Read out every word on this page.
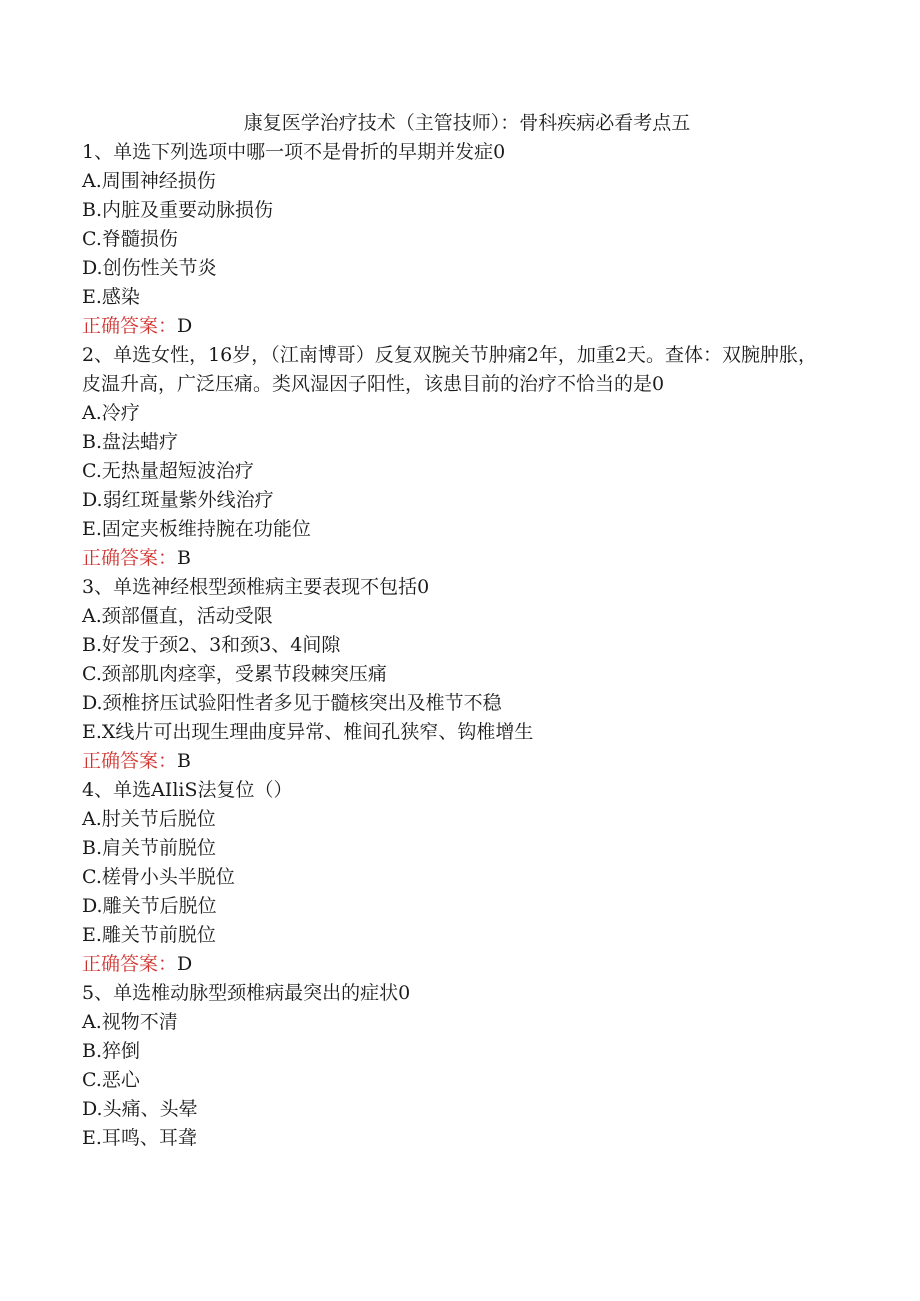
康复医学治疗技术（主管技师）：骨科疾病必看考点五
1、单选下列选项中哪一项不是骨折的早期并发症0
A.周围神经损伤
B.内脏及重要动脉损伤
C.脊髓损伤
D.创伤性关节炎
E.感染
正确答案：D
2、单选女性，16岁，（江南博哥）反复双腕关节肿痛2年，加重2天。查体：双腕肿胀，皮温升高，广泛压痛。类风湿因子阳性，该患目前的治疗不恰当的是0
A.冷疗
B.盘法蜡疗
C.无热量超短波治疗
D.弱红斑量紫外线治疗
E.固定夹板维持腕在功能位
正确答案：B
3、单选神经根型颈椎病主要表现不包括0
A.颈部僵直，活动受限
B.好发于颈2、3和颈3、4间隙
C.颈部肌肉痉挛，受累节段棘突压痛
D.颈椎挤压试验阳性者多见于髓核突出及椎节不稳
E.X线片可出现生理曲度异常、椎间孔狭窄、钩椎增生
正确答案：B
4、单选AIliS法复位（）
A.肘关节后脱位
B.肩关节前脱位
C.槎骨小头半脱位
D.雕关节后脱位
E.雕关节前脱位
正确答案：D
5、单选椎动脉型颈椎病最突出的症状0
A.视物不清
B.猝倒
C.恶心
D.头痛、头晕
E.耳鸣、耳聋
